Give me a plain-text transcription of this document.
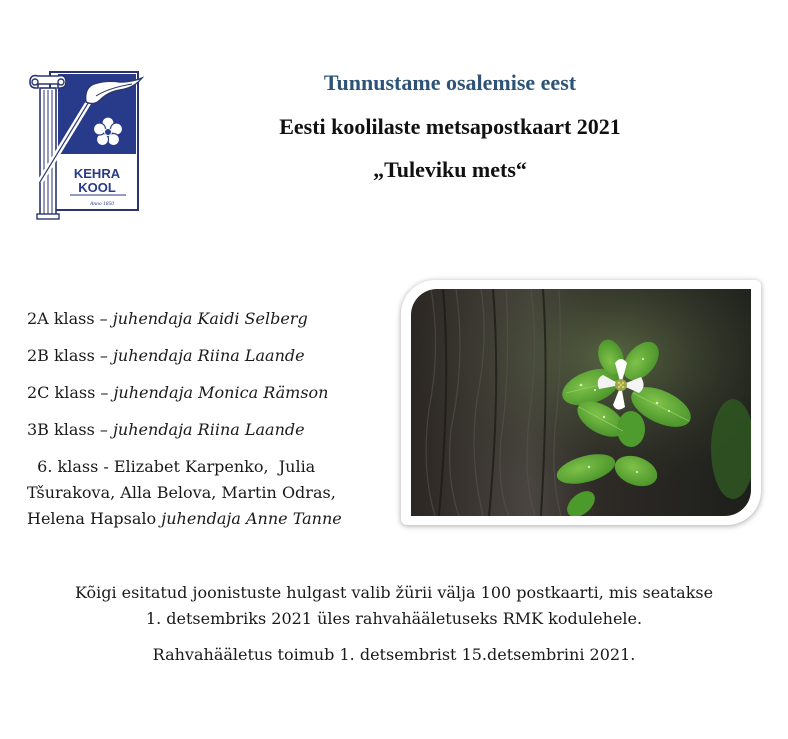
KEHRA
KOOL
Anno 1850
Tunnustame osalemise eest
Eesti koolilaste metsapostkaart 2021
„Tuleviku mets“
2A klass – juhendaja Kaidi Selberg
2B klass – juhendaja Riina Laande
2C klass – juhendaja Monica Rämson
3B klass – juhendaja Riina Laande
6. klass - Elizabet Karpenko,  Julia
Tšurakova, Alla Belova, Martin Odras,
Helena Hapsalo juhendaja Anne Tanne
Kõigi esitatud joonistuste hulgast valib žürii välja 100 postkaarti, mis seatakse
1. detsembriks 2021 üles rahvahääletuseks RMK kodulehele.
Rahvahääletus toimub 1. detsembrist 15.detsembrini 2021.
